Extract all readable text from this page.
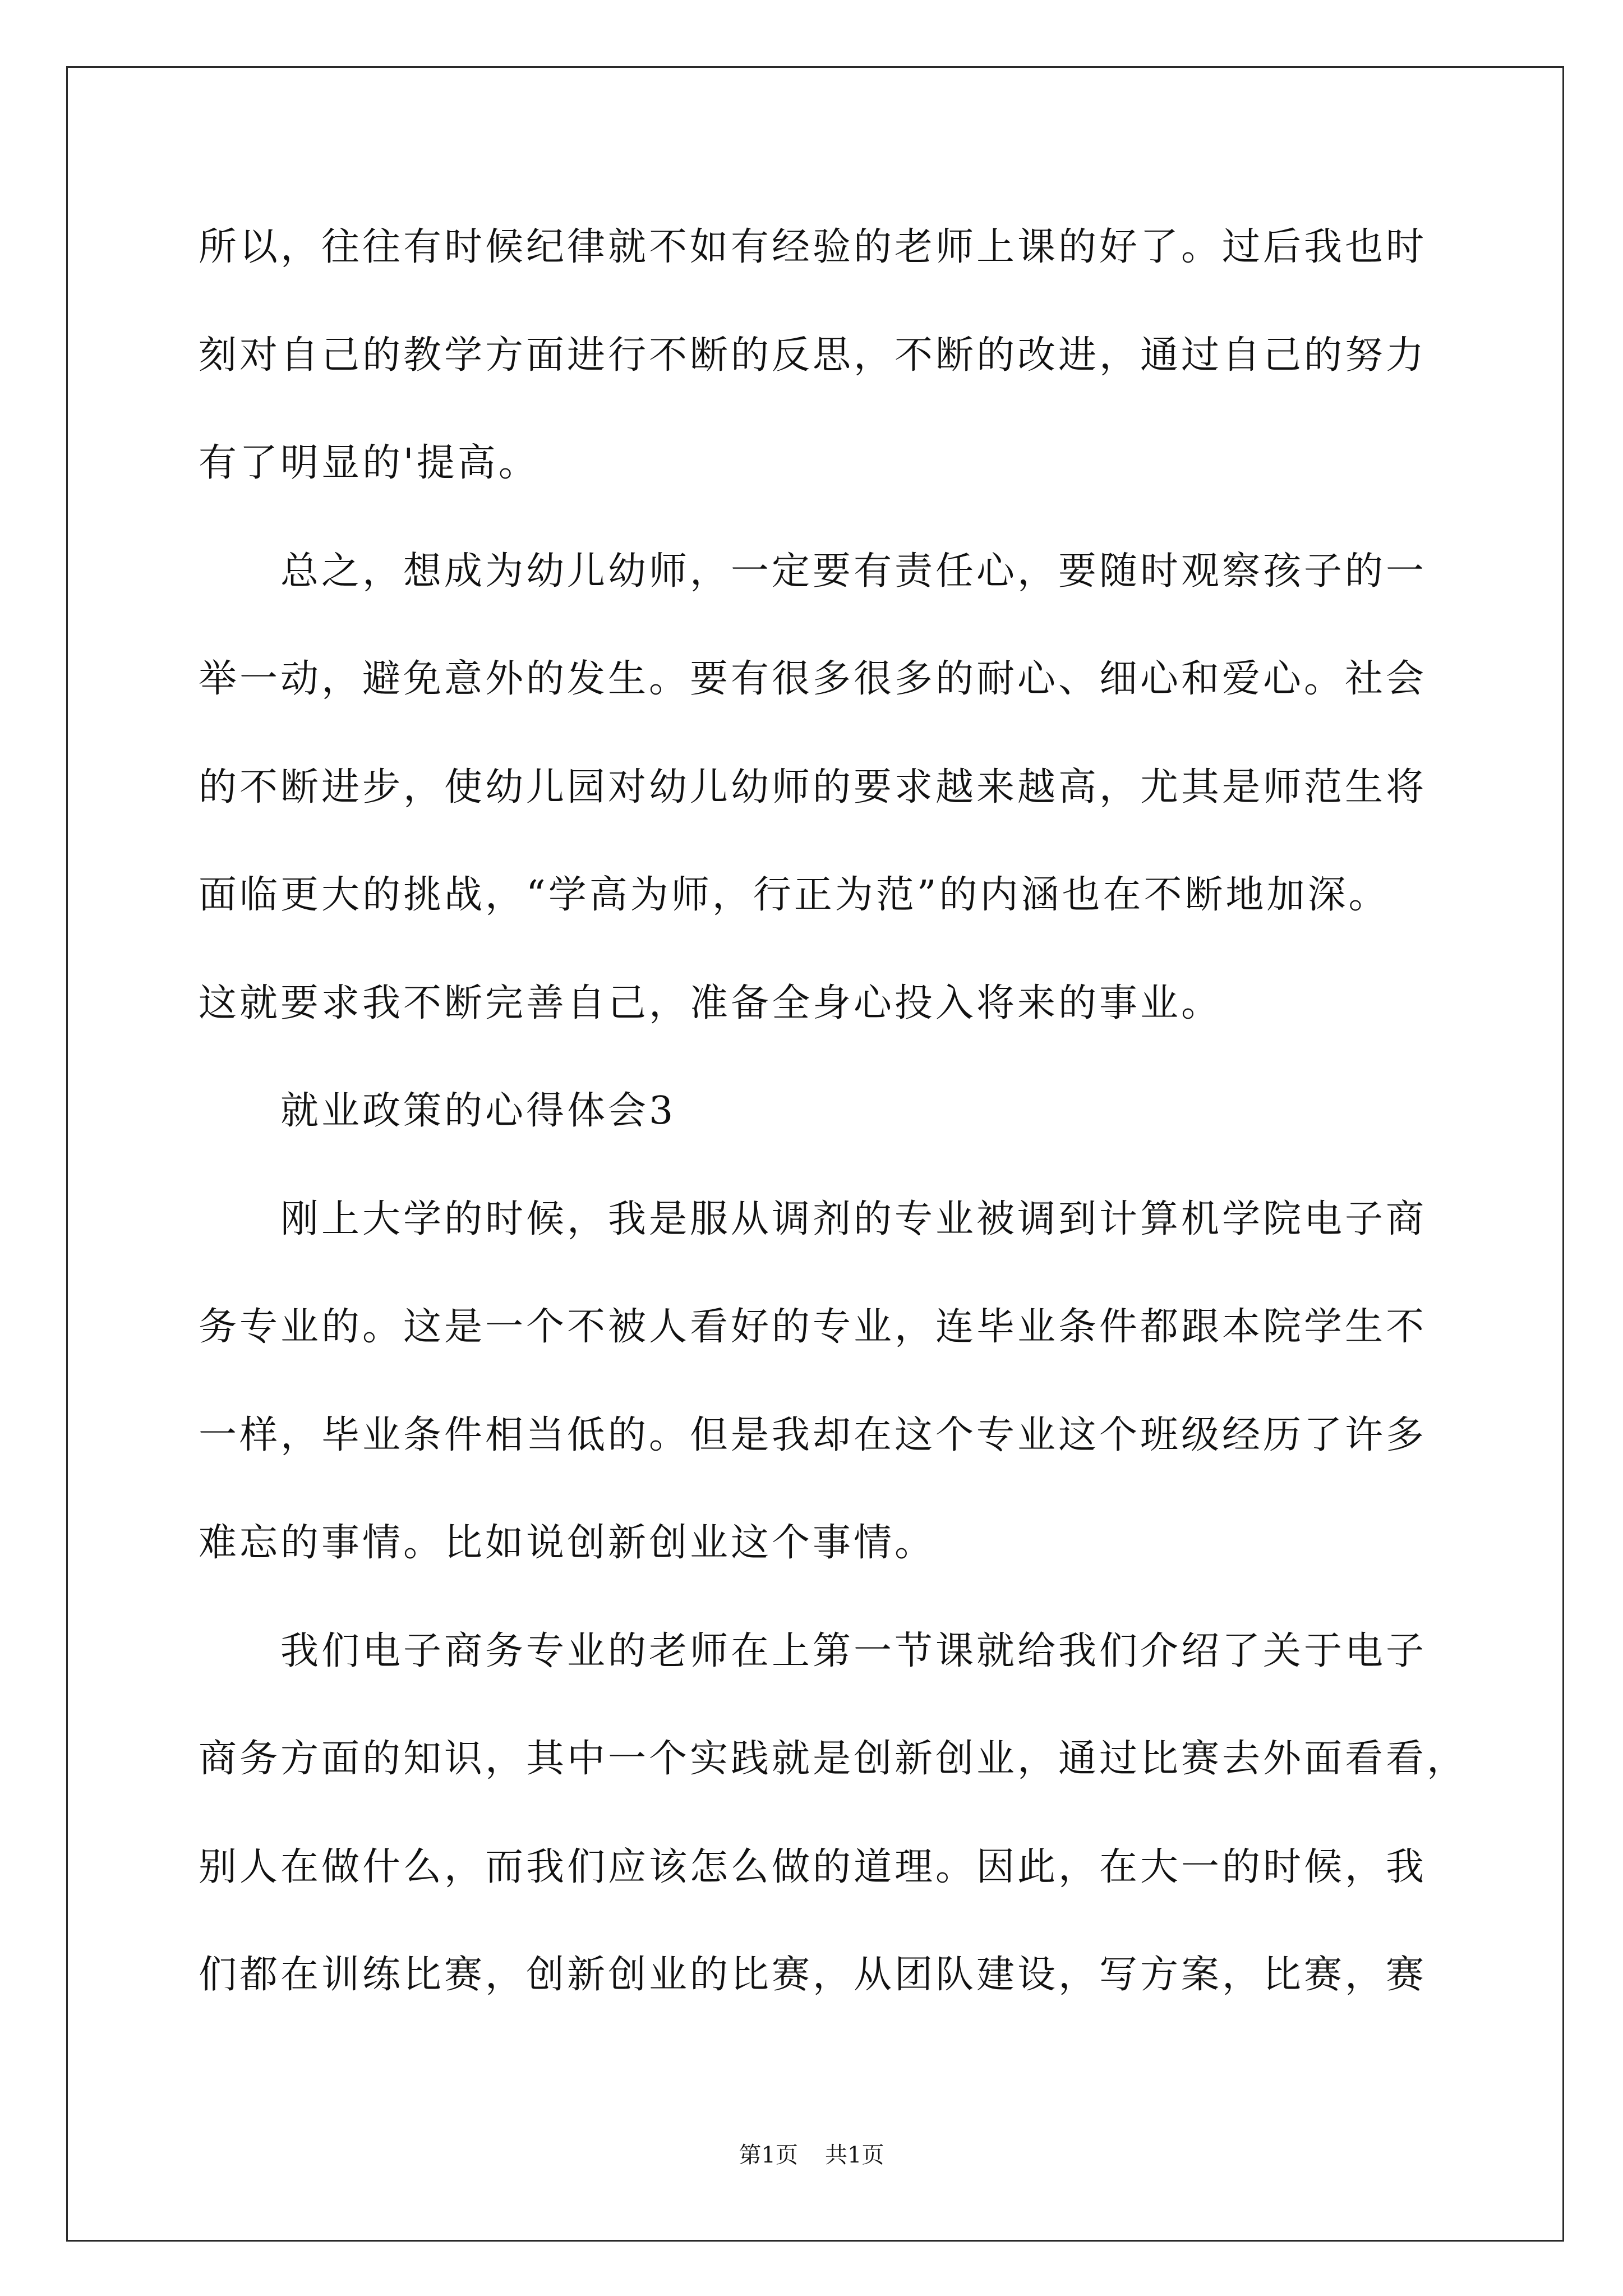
所以，往往有时候纪律就不如有经验的老师上课的好了。过后我也时
刻对自己的教学方面进行不断的反思，不断的改进，通过自己的努力
有了明显的'提高。
总之，想成为幼儿幼师，一定要有责任心，要随时观察孩子的一
举一动，避免意外的发生。要有很多很多的耐心、细心和爱心。社会
的不断进步，使幼儿园对幼儿幼师的要求越来越高，尤其是师范生将
面临更大的挑战，“学高为师，行正为范”的内涵也在不断地加深。
这就要求我不断完善自己，准备全身心投入将来的事业。
就业政策的心得体会3
刚上大学的时候，我是服从调剂的专业被调到计算机学院电子商
务专业的。这是一个不被人看好的专业，连毕业条件都跟本院学生不
一样，毕业条件相当低的。但是我却在这个专业这个班级经历了许多
难忘的事情。比如说创新创业这个事情。
我们电子商务专业的老师在上第一节课就给我们介绍了关于电子
商务方面的知识，其中一个实践就是创新创业，通过比赛去外面看看，
别人在做什么，而我们应该怎么做的道理。因此，在大一的时候，我
们都在训练比赛，创新创业的比赛，从团队建设，写方案，比赛，赛
第1页 共1页
